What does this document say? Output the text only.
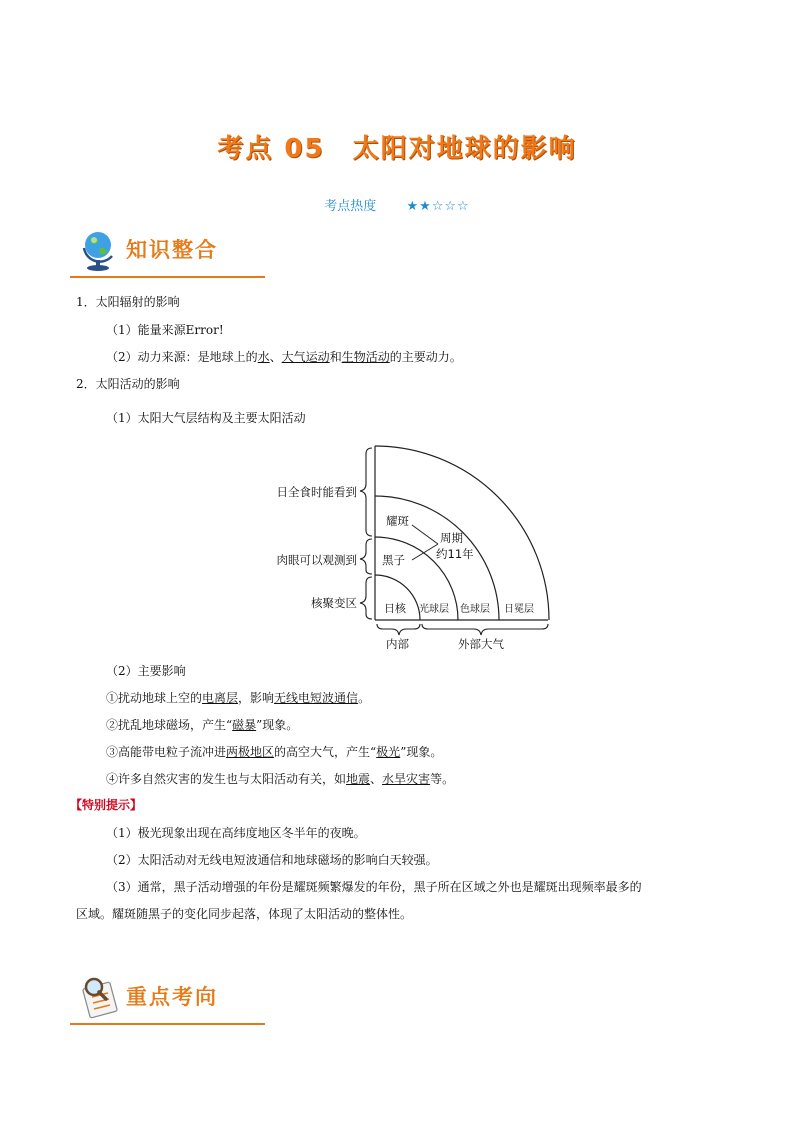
考点 05　太阳对地球的影响
考点热度 ★★☆☆☆
知识整合
1．太阳辐射的影响
（1）能量来源Error!
（2）动力来源：是地球上的水、大气运动和生物活动的主要动力。
2．太阳活动的影响
（1）太阳大气层结构及主要太阳活动
日全食时能看到
肉眼可以观测到
核聚变区
耀斑
黑子
周期
约11年
日核 光球层 色球层 日冕层
内部	外部大气
（2）主要影响
①扰动地球上空的电离层，影响无线电短波通信。
②扰乱地球磁场，产生“磁暴”现象。
③高能带电粒子流冲进两极地区的高空大气，产生“极光”现象。
④许多自然灾害的发生也与太阳活动有关，如地震、水旱灾害等。
【特别提示】
（1）极光现象出现在高纬度地区冬半年的夜晚。
（2）太阳活动对无线电短波通信和地球磁场的影响白天较强。
（3）通常，黑子活动增强的年份是耀斑频繁爆发的年份，黑子所在区域之外也是耀斑出现频率最多的
区域。耀斑随黑子的变化同步起落，体现了太阳活动的整体性。
重点考向
